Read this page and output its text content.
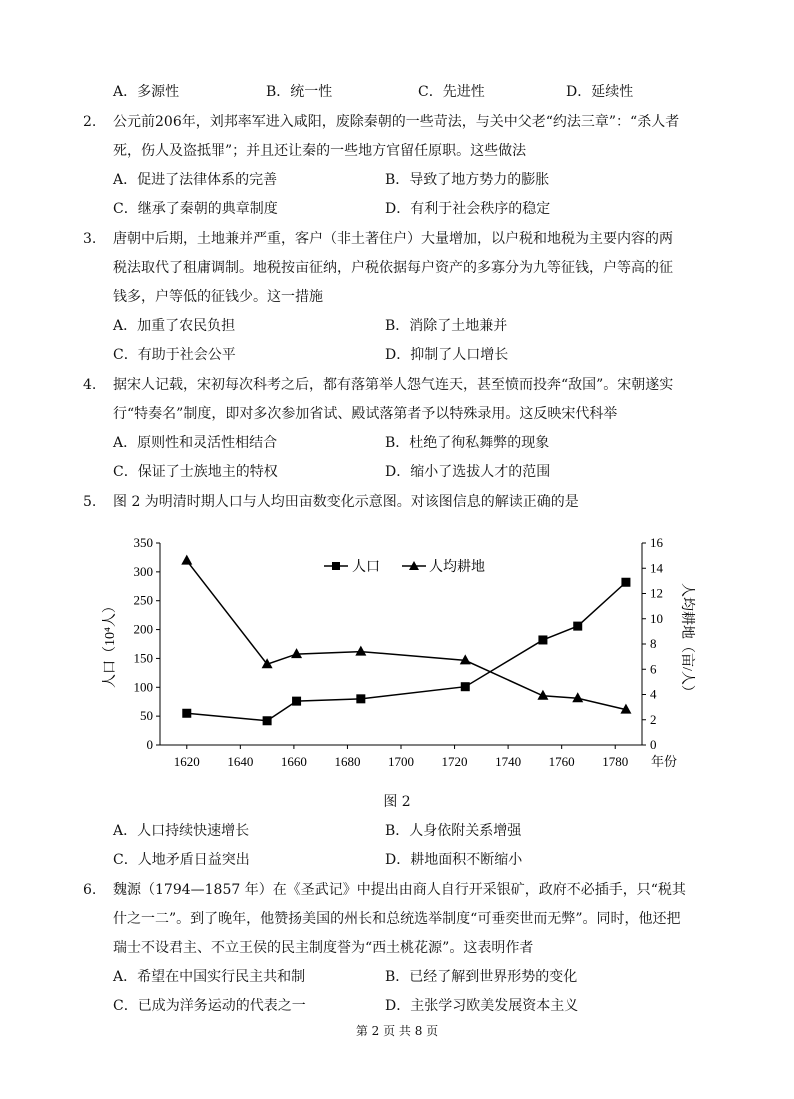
A．多源性	B．统一性	C．先进性	D．延续性
2. 公元前206年，刘邦率军进入咸阳，废除秦朝的一些苛法，与关中父老“约法三章”：“杀人者
死，伤人及盗抵罪”；并且还让秦的一些地方官留任原职。这些做法
A．促进了法律体系的完善	B．导致了地方势力的膨胀
C．继承了秦朝的典章制度	D．有利于社会秩序的稳定
3. 唐朝中后期，土地兼并严重，客户（非土著住户）大量增加，以户税和地税为主要内容的两
税法取代了租庸调制。地税按亩征纳，户税依据每户资产的多寡分为九等征钱，户等高的征
钱多，户等低的征钱少。这一措施
A．加重了农民负担	B．消除了土地兼并
C．有助于社会公平	D．抑制了人口增长
4. 据宋人记载，宋初每次科考之后，都有落第举人怨气连天，甚至愤而投奔“敌国”。宋朝遂实
行“特奏名”制度，即对多次参加省试、殿试落第者予以特殊录用。这反映宋代科举
A．原则性和灵活性相结合	B．杜绝了徇私舞弊的现象
C．保证了士族地主的特权	D．缩小了选拔人才的范围
5. 图 2 为明清时期人口与人均田亩数变化示意图。对该图信息的解读正确的是
0
50
100
150
200
250
300
350
0
2
4
6
8
10
12
14
16
1620 1640 1660 1680 1700 1720 1740 1760 1780 年份
人口	人均耕地
人口（10⁴人）	人均耕地（亩/人）
图 2
A．人口持续快速增长	B．人身依附关系增强
C．人地矛盾日益突出	D．耕地面积不断缩小
6. 魏源（1794—1857 年）在《圣武记》中提出由商人自行开采银矿，政府不必插手，只“税其
什之一二”。到了晚年，他赞扬美国的州长和总统选举制度“可垂奕世而无弊”。同时，他还把
瑞士不设君主、不立王侯的民主制度誉为“西土桃花源”。这表明作者
A．希望在中国实行民主共和制	B．已经了解到世界形势的变化
C．已成为洋务运动的代表之一	D．主张学习欧美发展资本主义
第 2 页 共 8 页
